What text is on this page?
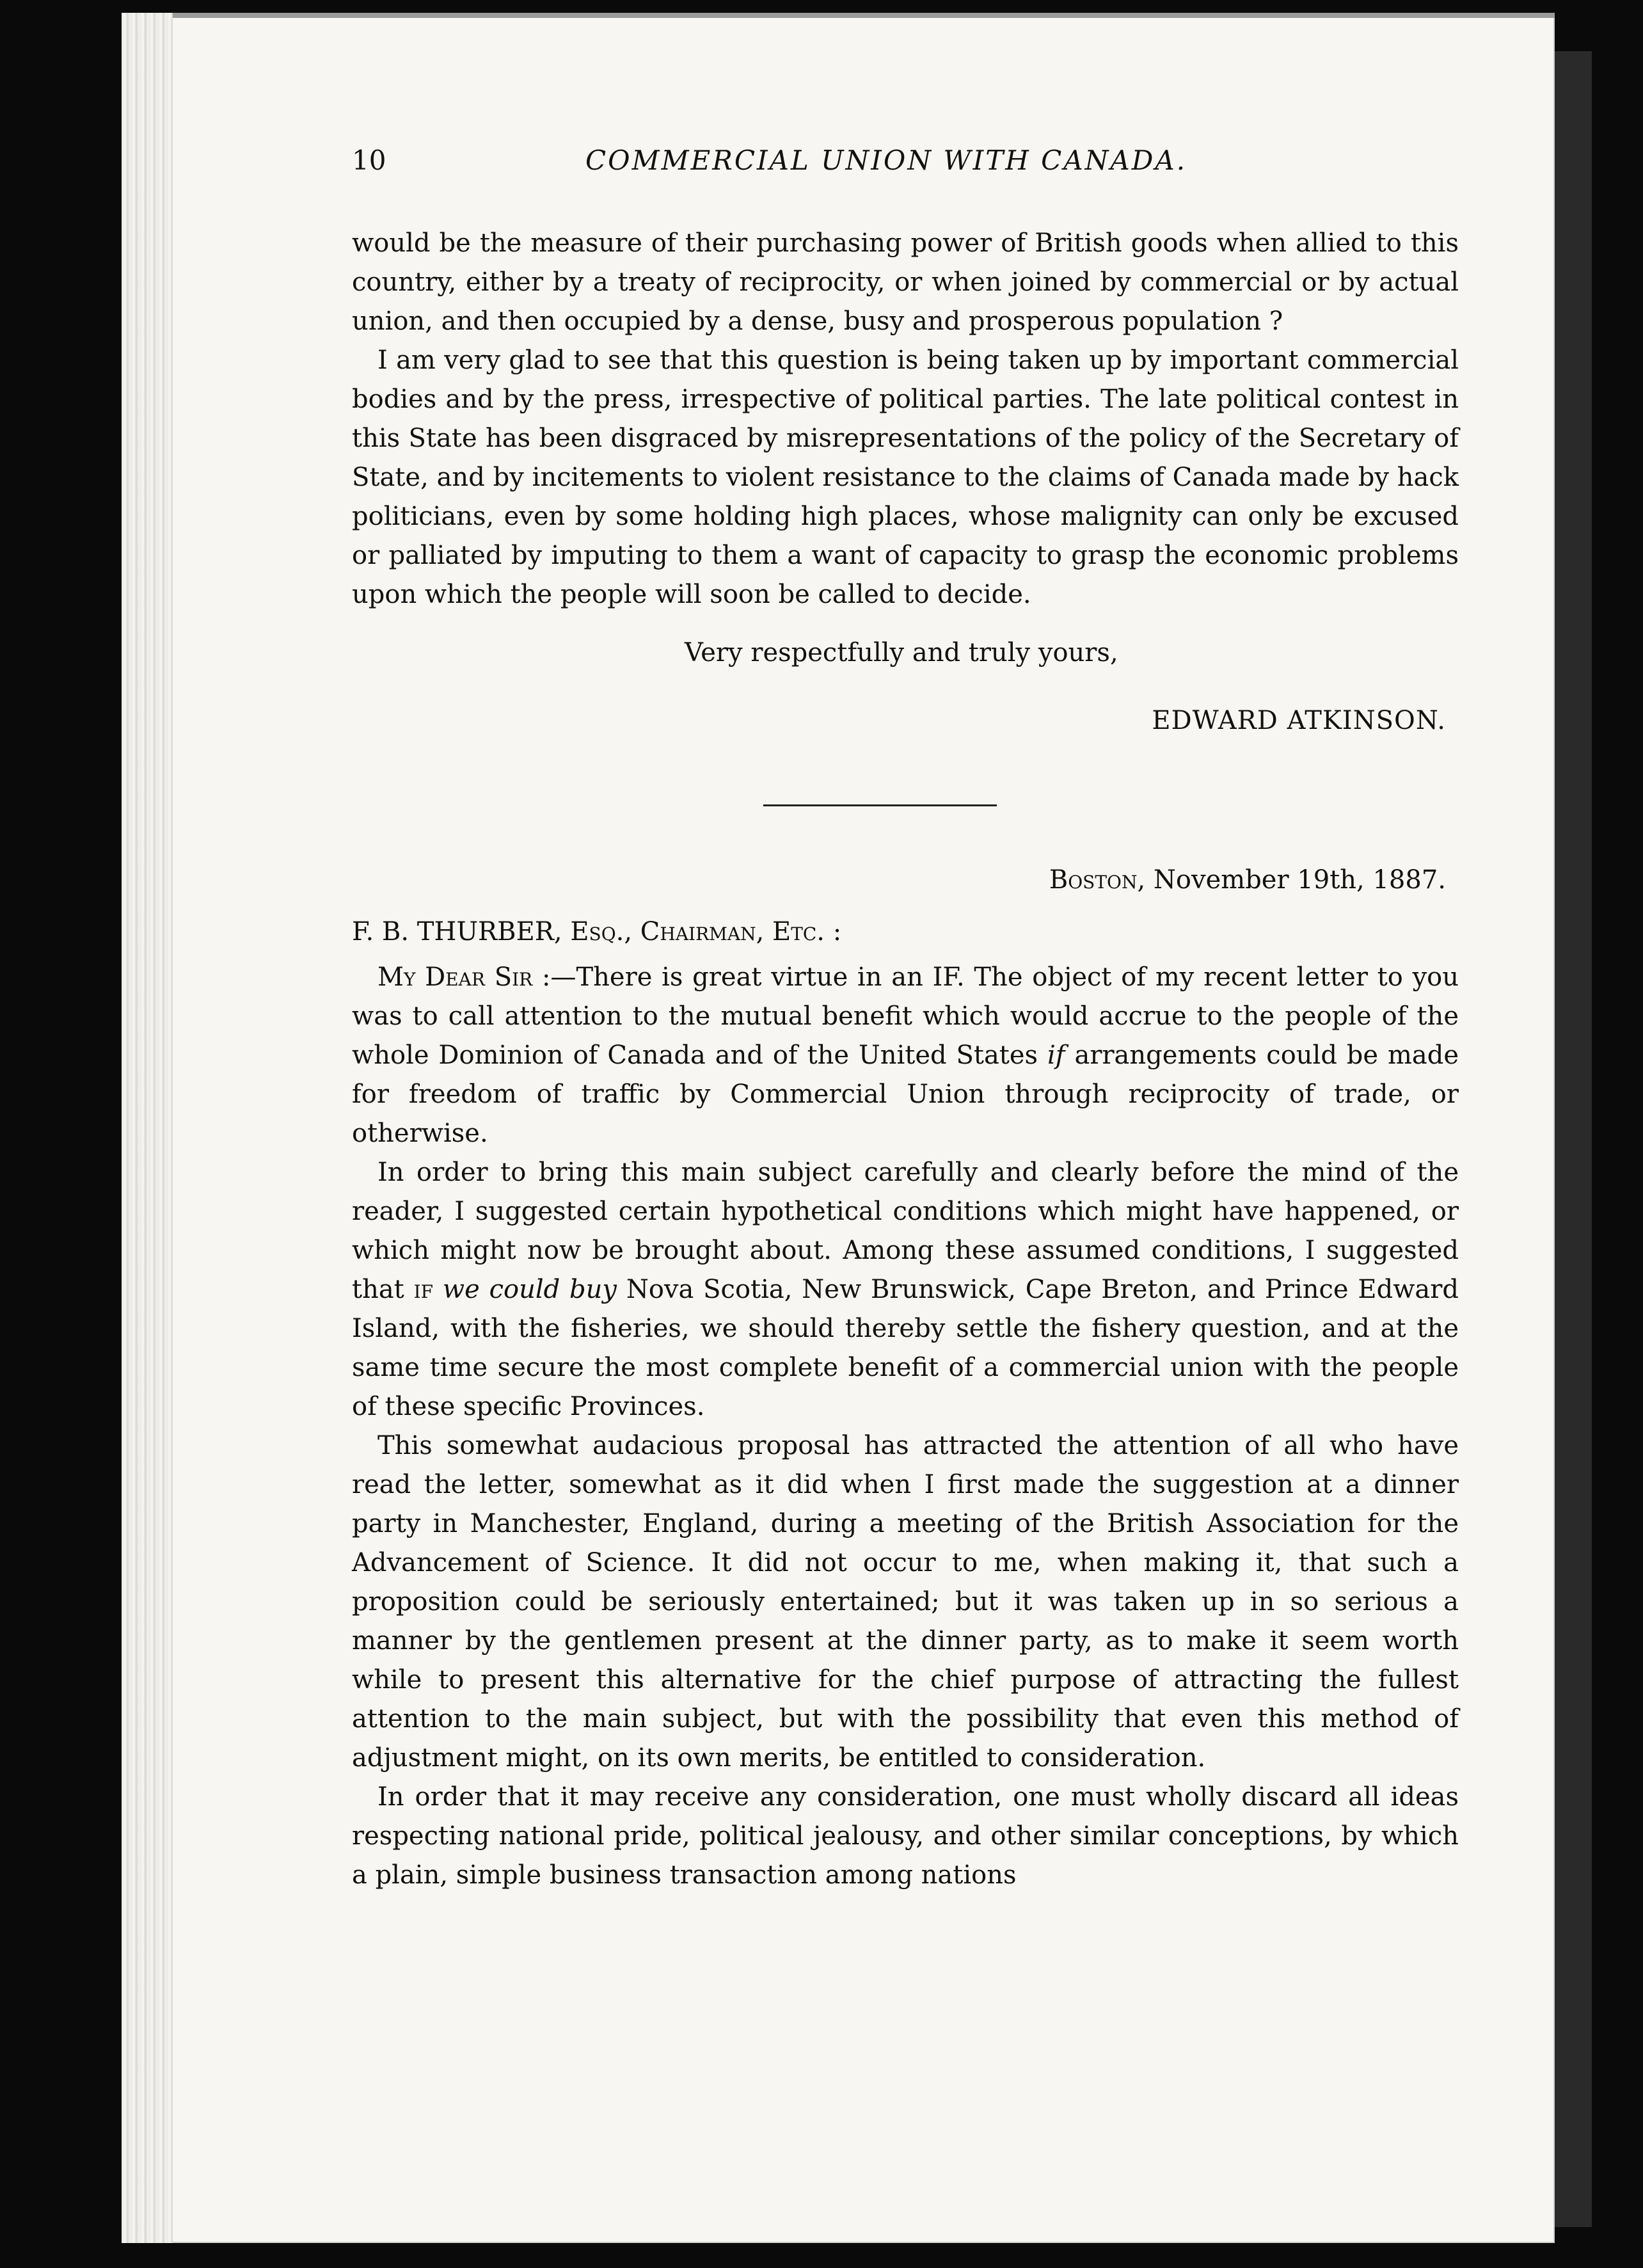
10	COMMERCIAL UNION WITH CANADA.

would be the measure of their purchasing power of British goods when allied to this country, either by a treaty of reciprocity, or when joined by commercial or by actual union, and then occupied by a dense, busy and prosperous population ?

I am very glad to see that this question is being taken up by important commercial bodies and by the press, irrespective of political parties. The late political contest in this State has been disgraced by misrepresentations of the policy of the Secretary of State, and by incitements to violent resistance to the claims of Canada made by hack politicians, even by some holding high places, whose malignity can only be excused or palliated by imputing to them a want of capacity to grasp the economic problems upon which the people will soon be called to decide.

Very respectfully and truly yours,

EDWARD ATKINSON.

Boston, November 19th, 1887.

F. B. THURBER, Esq., Chairman, Etc. :

My Dear Sir :—There is great virtue in an IF. The object of my recent letter to you was to call attention to the mutual benefit which would accrue to the people of the whole Dominion of Canada and of the United States if arrangements could be made for freedom of traffic by Commercial Union through reciprocity of trade, or otherwise.

In order to bring this main subject carefully and clearly before the mind of the reader, I suggested certain hypothetical conditions which might have happened, or which might now be brought about. Among these assumed conditions, I suggested that if we could buy Nova Scotia, New Brunswick, Cape Breton, and Prince Edward Island, with the fisheries, we should thereby settle the fishery question, and at the same time secure the most complete benefit of a commercial union with the people of these specific Provinces.

This somewhat audacious proposal has attracted the attention of all who have read the letter, somewhat as it did when I first made the suggestion at a dinner party in Manchester, England, during a meeting of the British Association for the Advancement of Science. It did not occur to me, when making it, that such a proposition could be seriously entertained; but it was taken up in so serious a manner by the gentlemen present at the dinner party, as to make it seem worth while to present this alternative for the chief purpose of attracting the fullest attention to the main subject, but with the possibility that even this method of adjustment might, on its own merits, be entitled to consideration.

In order that it may receive any consideration, one must wholly discard all ideas respecting national pride, political jealousy, and other similar conceptions, by which a plain, simple business transaction among nations
